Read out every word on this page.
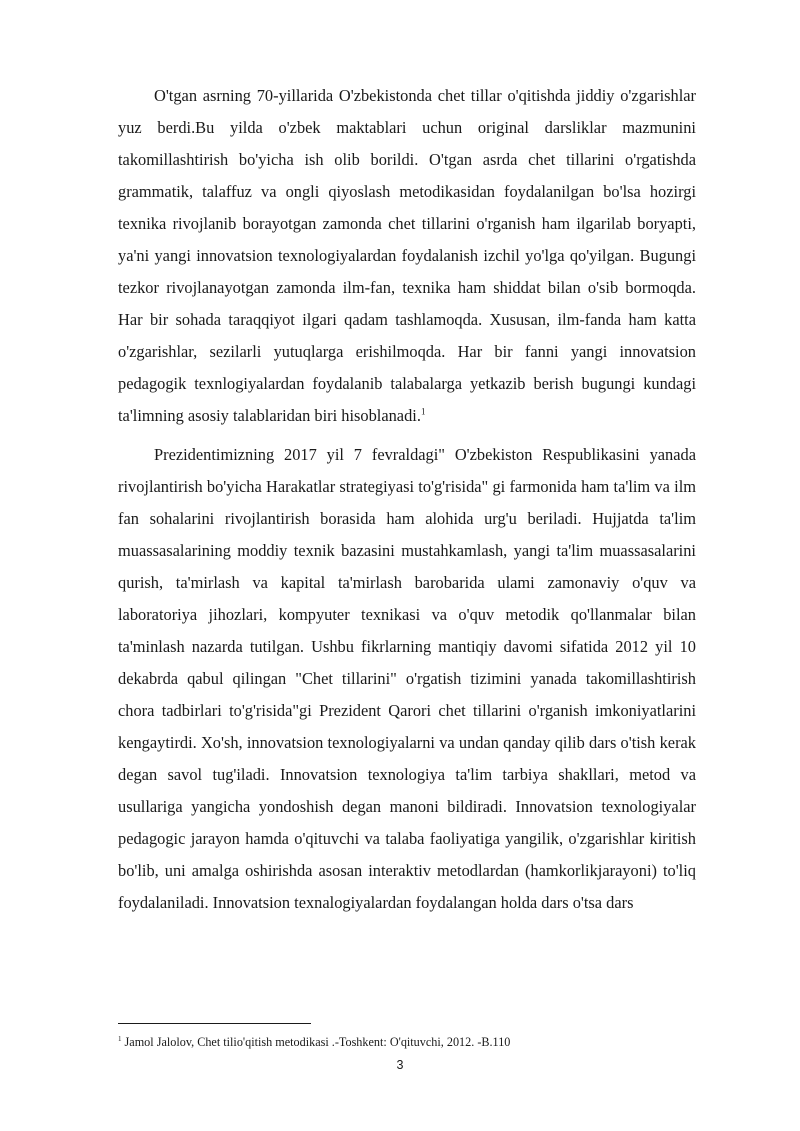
O'tgan asrning 70-yillarida O'zbekistonda chet tillar o'qitishda jiddiy o'zgarishlar yuz berdi.Bu yilda o'zbek maktablari uchun original darsliklar mazmunini takomillashtirish bo'yicha ish olib borildi. O'tgan asrda chet tillarini o'rgatishda grammatik, talaffuz va ongli qiyoslash metodikasidan foydalanilgan bo'lsa hozirgi texnika rivojlanib borayotgan zamonda chet tillarini o'rganish ham ilgarilab boryapti, ya'ni yangi innovatsion texnologiyalardan foydalanish izchil yo'lga qo'yilgan. Bugungi tezkor rivojlanayotgan zamonda ilm-fan, texnika ham shiddat bilan o'sib bormoqda. Har bir sohada taraqqiyot ilgari qadam tashlamoqda. Xususan, ilm-fanda ham katta o'zgarishlar, sezilarli yutuqlarga erishilmoqda. Har bir fanni yangi innovatsion pedagogik texnlogiyalardan foydalanib talabalarga yetkazib berish bugungi kundagi ta'limning asosiy talablaridan biri hisoblanadi.$^1$

Prezidentimizning 2017 yil 7 fevraldagi" O'zbekiston Respublikasini yanada rivojlantirish bo'yicha Harakatlar strategiyasi to'g'risida" gi farmonida ham ta'lim va ilm fan sohalarini rivojlantirish borasida ham alohida urg'u beriladi. Hujjatda ta'lim muassasalarining moddiy texnik bazasini mustahkamlash, yangi ta'lim muassasalarini qurish, ta'mirlash va kapital ta'mirlash barobarida ulami zamonaviy o'quv va laboratoriya jihozlari, kompyuter texnikasi va o'quv metodik qo'llanmalar bilan ta'minlash nazarda tutilgan. Ushbu fikrlarning mantiqiy davomi sifatida 2012 yil 10 dekabrda qabul qilingan "Chet tillarini" o'rgatish tizimini yanada takomillashtirish chora tadbirlari to'g'risida"gi Prezident Qarori chet tillarini o'rganish imkoniyatlarini kengaytirdi. Xo'sh, innovatsion texnologiyalarni va undan qanday qilib dars o'tish kerak degan savol tug'iladi. Innovatsion texnologiya ta'lim tarbiya shakllari, metod va usullariga yangicha yondoshish degan manoni bildiradi. Innovatsion texnologiyalar pedagogic jarayon hamda o'qituvchi va talaba faoliyatiga yangilik, o'zgarishlar kiritish bo'lib, uni amalga oshirishda asosan interaktiv metodlardan (hamkorlikjarayoni) to'liq foydalaniladi. Innovatsion texnalogiyalardan foydalangan holda dars o'tsa dars

$^1$ Jamol Jalolov, Chet tilio'qitish metodikasi .-Toshkent: O'qituvchi, 2012. -B.110
3
